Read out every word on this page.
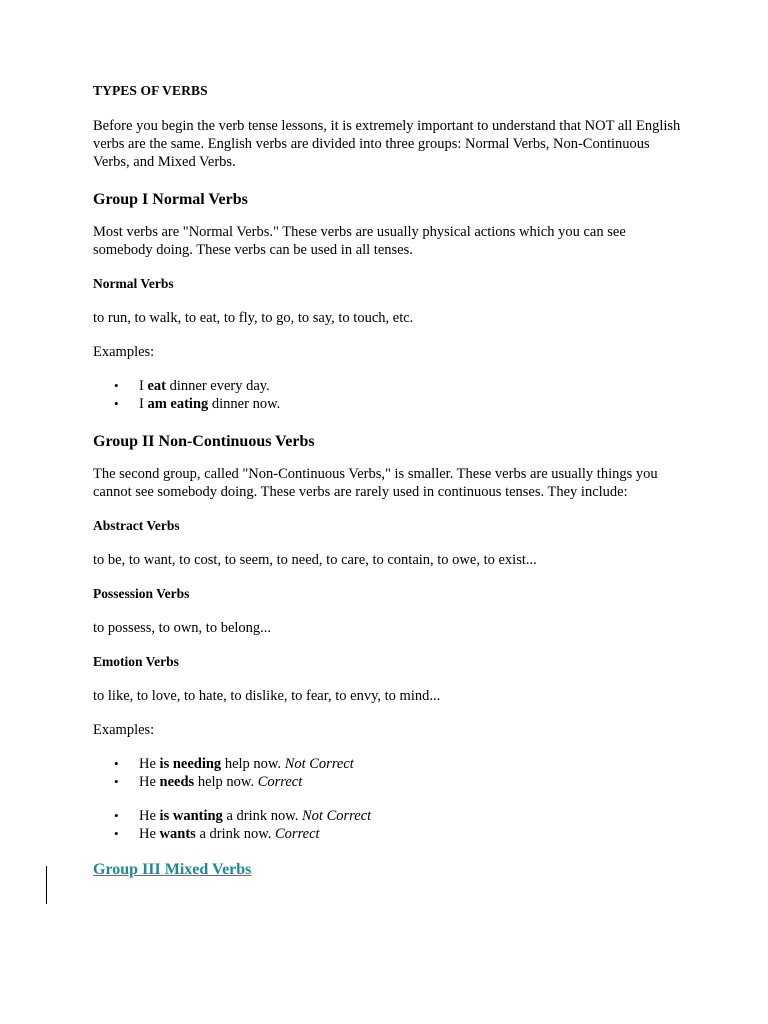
TYPES OF VERBS

Before you begin the verb tense lessons, it is extremely important to understand that NOT all English verbs are the same. English verbs are divided into three groups: Normal Verbs, Non-Continuous Verbs, and Mixed Verbs.

Group I Normal Verbs

Most verbs are "Normal Verbs." These verbs are usually physical actions which you can see somebody doing. These verbs can be used in all tenses.

Normal Verbs

to run, to walk, to eat, to fly, to go, to say, to touch, etc.

Examples:

• I eat dinner every day.
• I am eating dinner now.
Group II Non-Continuous Verbs

The second group, called "Non-Continuous Verbs," is smaller. These verbs are usually things you cannot see somebody doing. These verbs are rarely used in continuous tenses. They include:

Abstract Verbs

to be, to want, to cost, to seem, to need, to care, to contain, to owe, to exist...

Possession Verbs

to possess, to own, to belong...

Emotion Verbs

to like, to love, to hate, to dislike, to fear, to envy, to mind...

Examples:

• He is needing help now. Not Correct
• He needs help now. Correct
• He is wanting a drink now. Not Correct
• He wants a drink now. Correct
Group III Mixed Verbs
